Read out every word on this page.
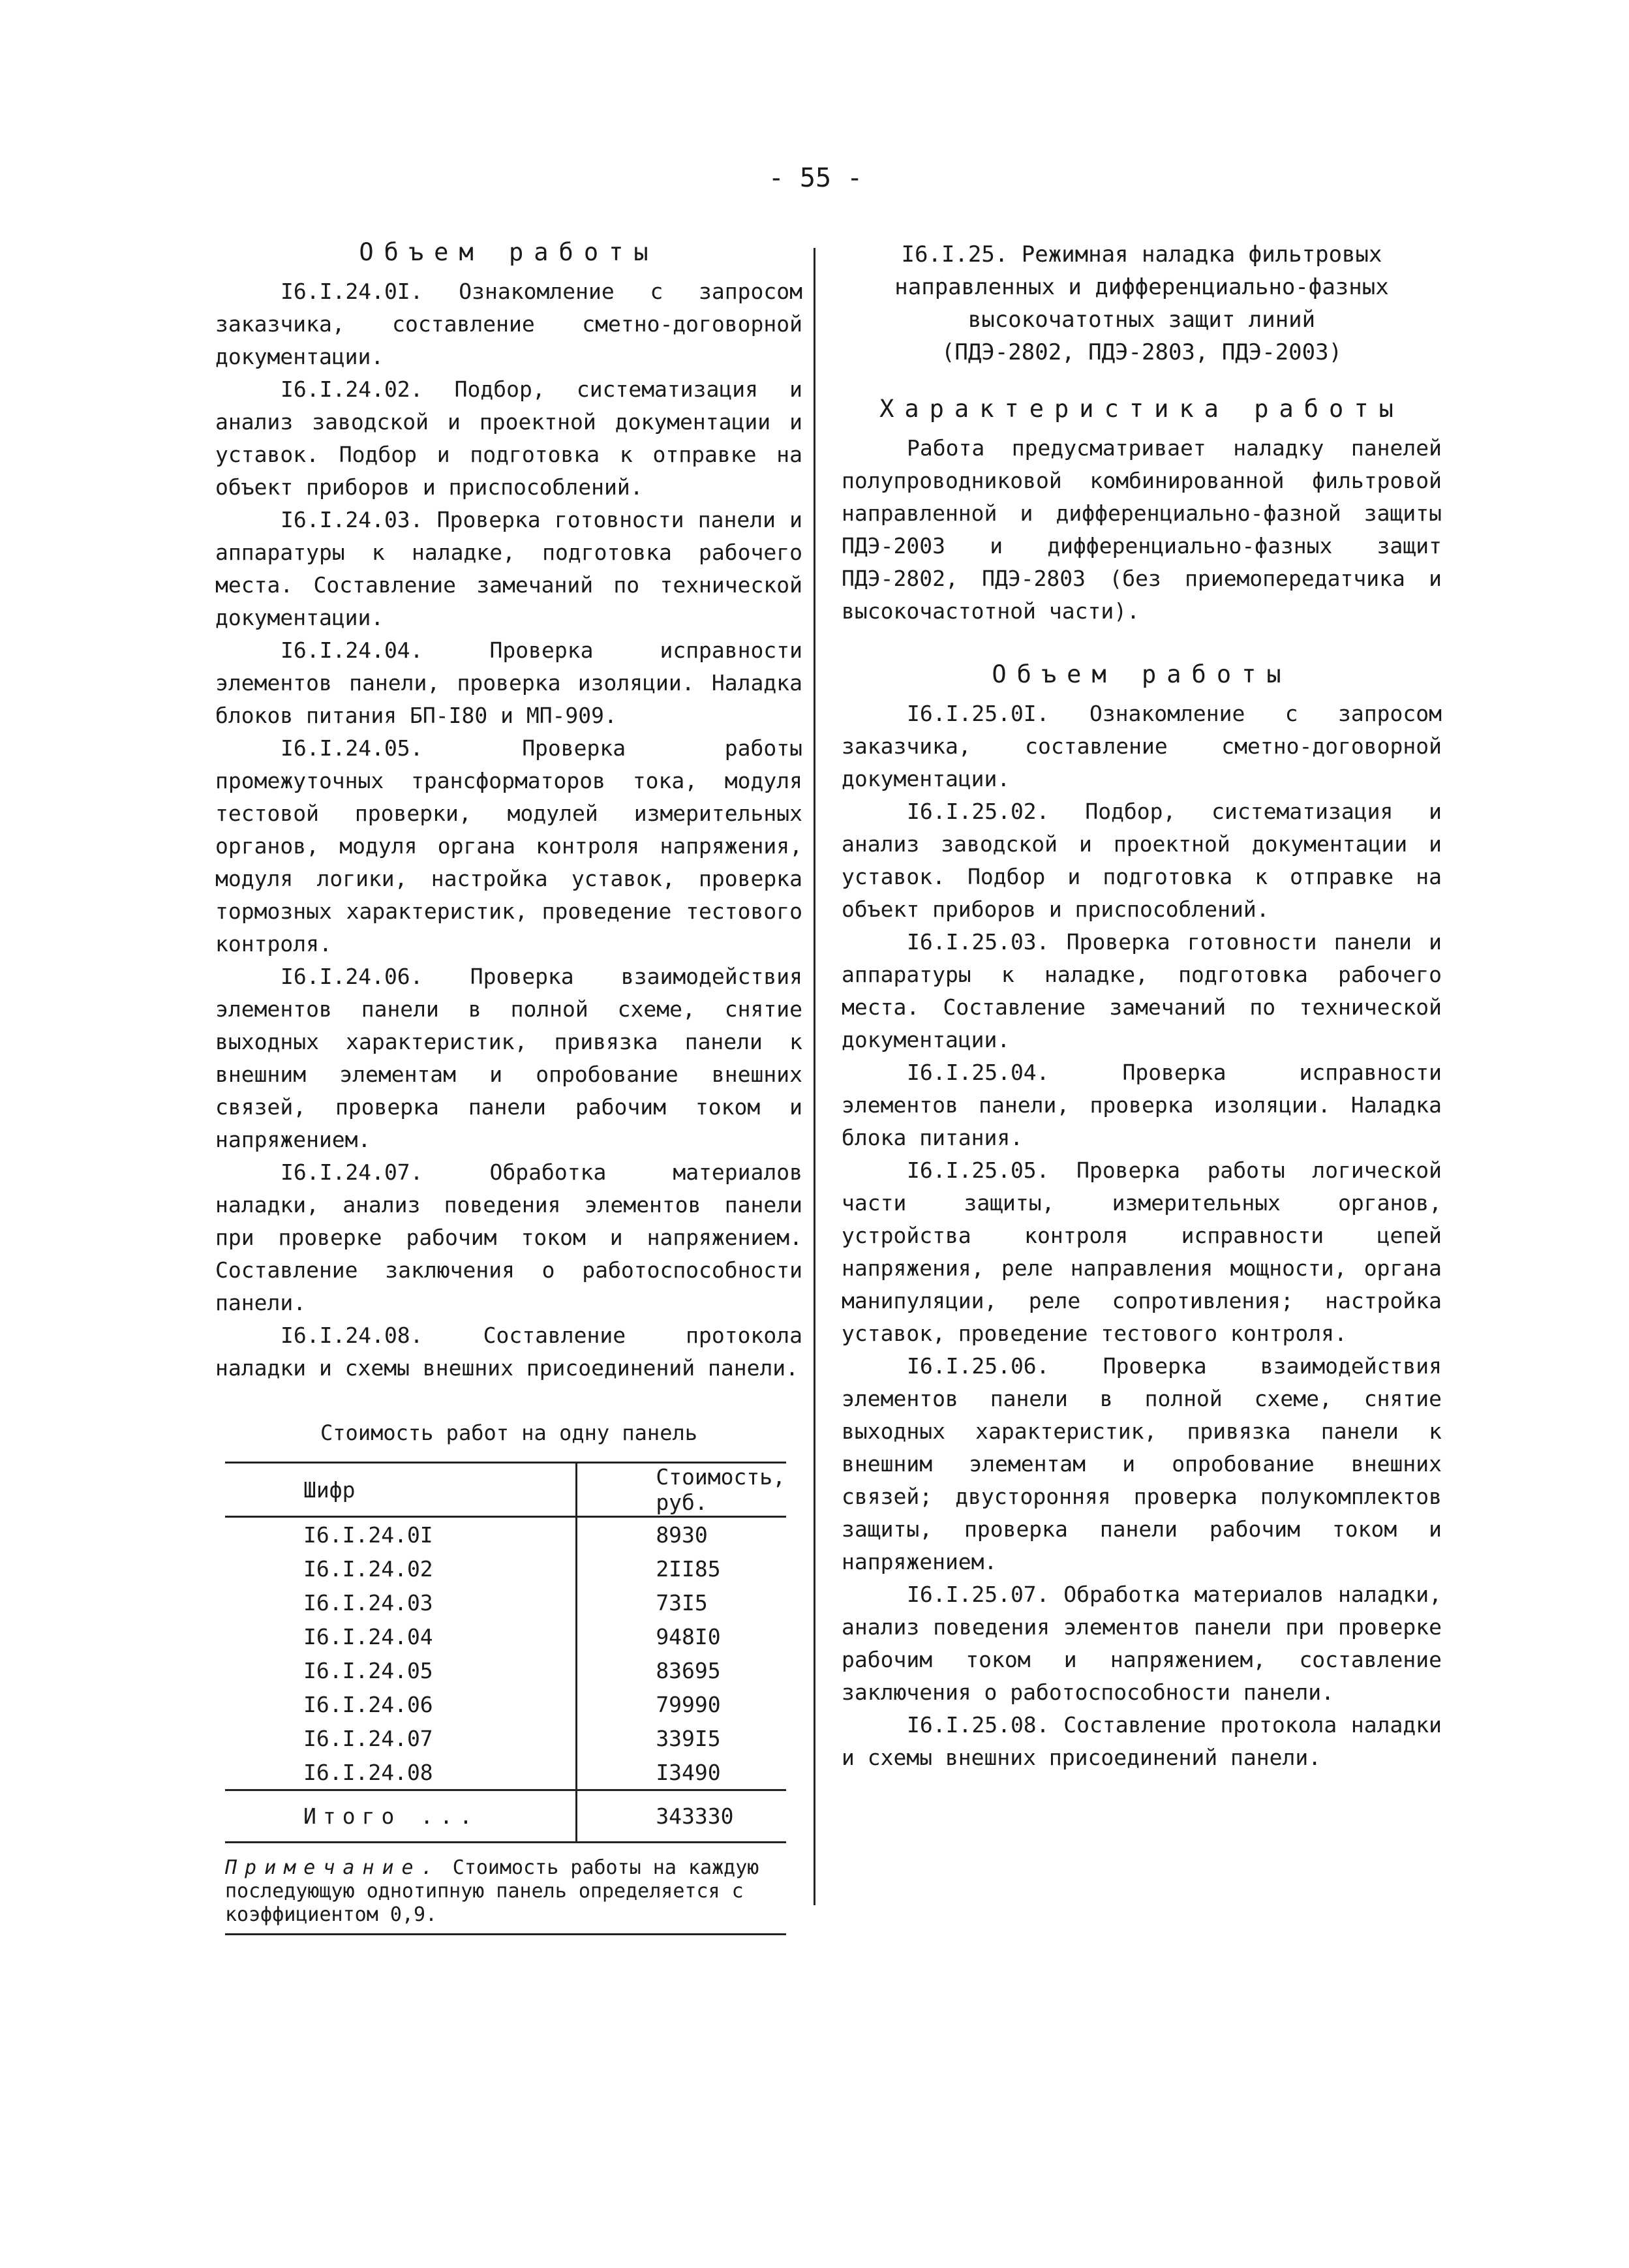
- 55 -

Объем работы

I6.I.24.0I. Ознакомление с запросом заказчика, составление сметно-договорной документации.

I6.I.24.02. Подбор, систематизация и анализ заводской и проектной документации и уставок. Подбор и подготовка к отправке на объект приборов и приспособлений.

I6.I.24.03. Проверка готовности панели и аппаратуры к наладке, подготовка рабочего места. Составление замечаний по технической документации.

I6.I.24.04. Проверка исправности элементов панели, проверка изоляции. Наладка блоков питания БП-I80 и МП-909.

I6.I.24.05. Проверка работы промежуточных трансформаторов тока, модуля тестовой проверки, модулей измерительных органов, модуля органа контроля напряжения, модуля логики, настройка уставок, проверка тормозных характеристик, проведение тестового контроля.

I6.I.24.06. Проверка взаимодействия элементов панели в полной схеме, снятие выходных характеристик, привязка панели к внешним элементам и опробование внешних связей, проверка панели рабочим током и напряжением.

I6.I.24.07. Обработка материалов наладки, анализ поведения элементов панели при проверке рабочим током и напряжением. Составление заключения о работоспособности панели.

I6.I.24.08. Составление протокола наладки и схемы внешних присоединений панели.

Стоимость работ на одну панель

Шифр	Стоимость, руб.
I6.I.24.0I	8930
I6.I.24.02	2II85
I6.I.24.03	73I5
I6.I.24.04	948I0
I6.I.24.05	83695
I6.I.24.06	79990
I6.I.24.07	339I5
I6.I.24.08	I3490
Итого ...	343330
Примечание. Стоимость работы на каждую последующую однотипную панель определяется с коэффициентом 0,9.
I6.I.25. Режимная наладка фильтровых
направленных и дифференциально-фазных
высокочатотных защит линий
(ПДЭ-2802, ПДЭ-2803, ПДЭ-2003)

Характеристика работы

Работа предусматривает наладку панелей полупроводниковой комбинированной фильтровой направленной и дифференциально-фазной защиты ПДЭ-2003 и дифференциально-фазных защит ПДЭ-2802, ПДЭ-2803 (без приемопередатчика и высокочастотной части).

Объем работы

I6.I.25.0I. Ознакомление с запросом заказчика, составление сметно-договорной документации.

I6.I.25.02. Подбор, систематизация и анализ заводской и проектной документации и уставок. Подбор и подготовка к отправке на объект приборов и приспособлений.

I6.I.25.03. Проверка готовности панели и аппаратуры к наладке, подготовка рабочего места. Составление замечаний по технической документации.

I6.I.25.04. Проверка исправности элементов панели, проверка изоляции. Наладка блока питания.

I6.I.25.05. Проверка работы логической части защиты, измерительных органов, устройства контроля исправности цепей напряжения, реле направления мощности, органа манипуляции, реле сопротивления; настройка уставок, проведение тестового контроля.

I6.I.25.06. Проверка взаимодействия элементов панели в полной схеме, снятие выходных характеристик, привязка панели к внешним элементам и опробование внешних связей; двусторонняя проверка полукомплектов защиты, проверка панели рабочим током и напряжением.

I6.I.25.07. Обработка материалов наладки, анализ поведения элементов панели при проверке рабочим током и напряжением, составление заключения о работоспособности панели.

I6.I.25.08. Составление протокола наладки и схемы внешних присоединений панели.
